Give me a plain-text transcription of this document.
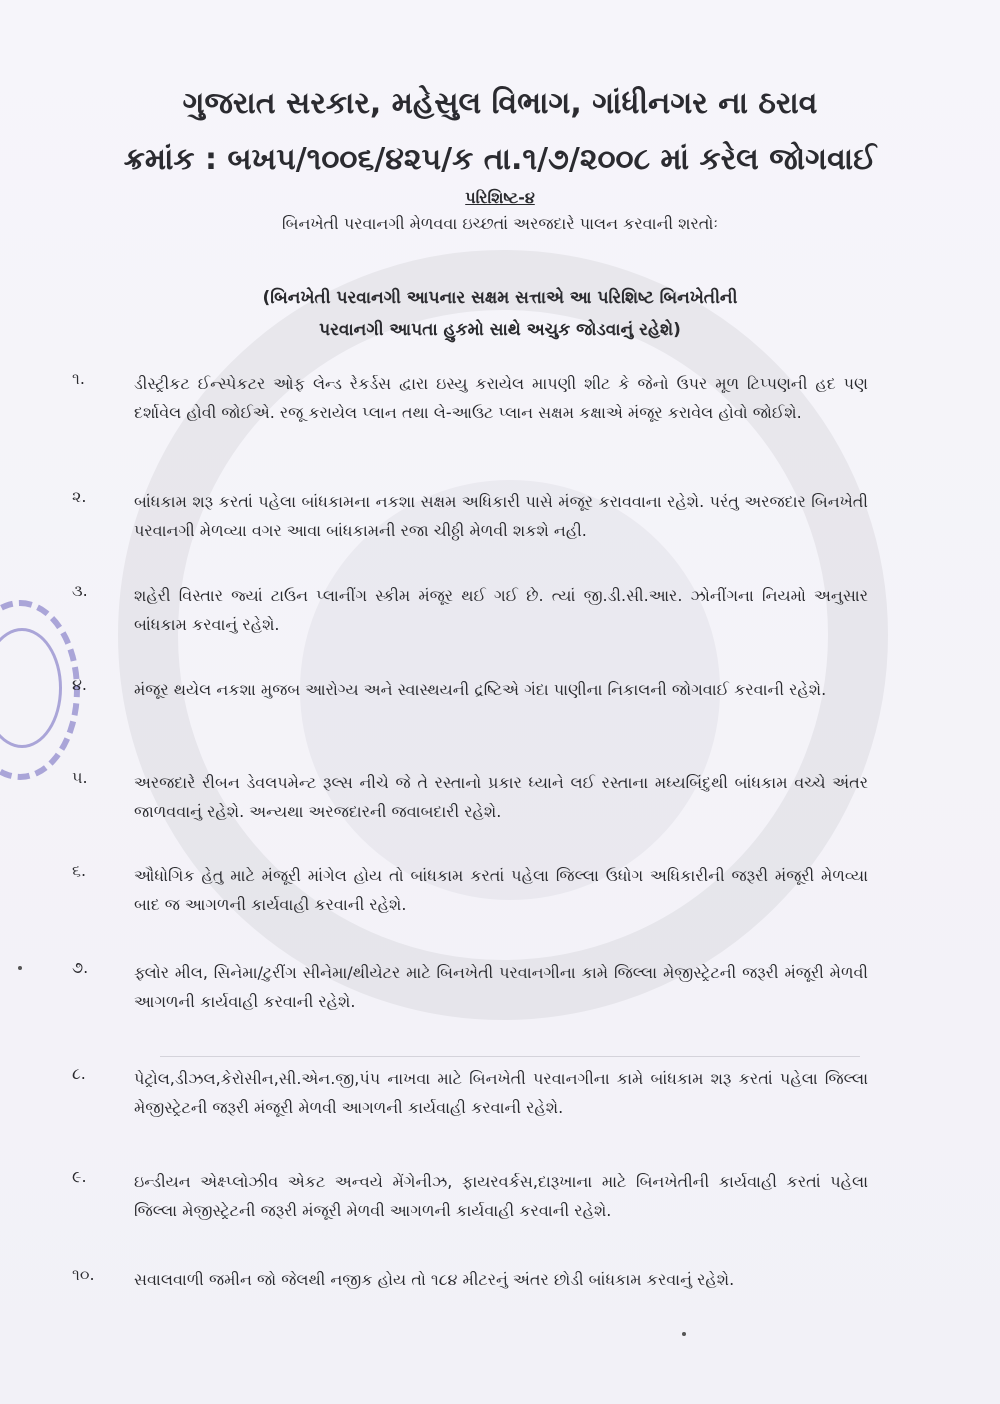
ગુજરાત સરકાર, મહેસુલ વિભાગ, ગાંધીનગર ના ઠરાવ
ક્રમાંક : બખપ/૧૦૦૬/૪૨૫/ક તા.૧/૭/૨૦૦૮ માં કરેલ જોગવાઈ
પરિશિષ્ટ-૪
બિનખેતી પરવાનગી મેળવવા ઇચ્છતાં અરજદારે પાલન કરવાની શરતોઃ
(બિનખેતી પરવાનગી આપનાર સક્ષમ સત્તાએ આ પરિશિષ્ટ બિનખેતીની
પરવાનગી આપતા હુકમો સાથે અચુક જોડવાનું રહેશે)
૧.	ડીસ્ટ્રીકટ ઈન્સ્પેકટર ઓફ લેન્ડ રેકર્ડસ દ્વારા ઇસ્યુ કરાયેલ માપણી શીટ કે જેનો ઉપર મૂળ ટિપ્પણની હદ પણ દર્શાવેલ હોવી જોઈએ. રજૂ કરાયેલ પ્લાન તથા લે-આઉટ પ્લાન સક્ષમ કક્ષાએ મંજૂર કરાવેલ હોવો જોઈશે.
૨.	બાંધકામ શરૂ કરતાં પહેલા બાંધકામના નકશા સક્ષમ અધિકારી પાસે મંજૂર કરાવવાના રહેશે. પરંતુ અરજદાર બિનખેતી પરવાનગી મેળવ્યા વગર આવા બાંધકામની રજા ચીઠ્ઠી મેળવી શકશે નહી.
૩.	શહેરી વિસ્તાર જ્યાં ટાઉન પ્લાનીંગ સ્કીમ મંજૂર થઈ ગઈ છે. ત્યાં જી.ડી.સી.આર. ઝોનીંગના નિયમો અનુસાર બાંધકામ કરવાનું રહેશે.
૪.	મંજૂર થયેલ નકશા મુજબ આરોગ્ય અને સ્વાસ્થયની દ્રષ્ટિએ ગંદા પાણીના નિકાલની જોગવાઈ કરવાની રહેશે.
૫.	અરજદારે રીબન ડેવલપમેન્ટ રૂલ્સ નીચે જે તે રસ્તાનો પ્રકાર ધ્યાને લઈ રસ્તાના મધ્યબિંદુથી બાંધકામ વચ્ચે અંતર જાળવવાનું રહેશે. અન્યથા અરજદારની જવાબદારી રહેશે.
૬.	ઔધોગિક હેતુ માટે મંજૂરી માંગેલ હોય તો બાંધકામ કરતાં પહેલા જિલ્લા ઉધોગ અધિકારીની જરૂરી મંજૂરી મેળવ્યા બાદ જ આગળની કાર્યવાહી કરવાની રહેશે.
૭.	ફ્લોર મીલ, સિનેમા/ટુરીંગ સીનેમા/થીયેટર માટે બિનખેતી પરવાનગીના કામે જિલ્લા મેજીસ્ટ્રેટની જરૂરી મંજૂરી મેળવી આગળની કાર્યવાહી કરવાની રહેશે.
૮.	પેટ્રોલ,ડીઝલ,કેરોસીન,સી.એન.જી,પંપ નાખવા માટે બિનખેતી પરવાનગીના કામે બાંધકામ શરૂ કરતાં પહેલા જિલ્લા મેજીસ્ટ્રેટની જરૂરી મંજૂરી મેળવી આગળની કાર્યવાહી કરવાની રહેશે.
૯.	ઇન્ડીયન એક્ષ્પ્લોઝીવ એકટ અન્વયે મેંગેનીઝ, ફાયરવર્કસ,દારૂખાના માટે બિનખેતીની કાર્યવાહી કરતાં પહેલા જિલ્લા મેજીસ્ટ્રેટની જરૂરી મંજૂરી મેળવી આગળની કાર્યવાહી કરવાની રહેશે.
૧૦.	સવાલવાળી જમીન જો જેલથી નજીક હોય તો ૧૮૪ મીટરનું અંતર છોડી બાંધકામ કરવાનું રહેશે.
